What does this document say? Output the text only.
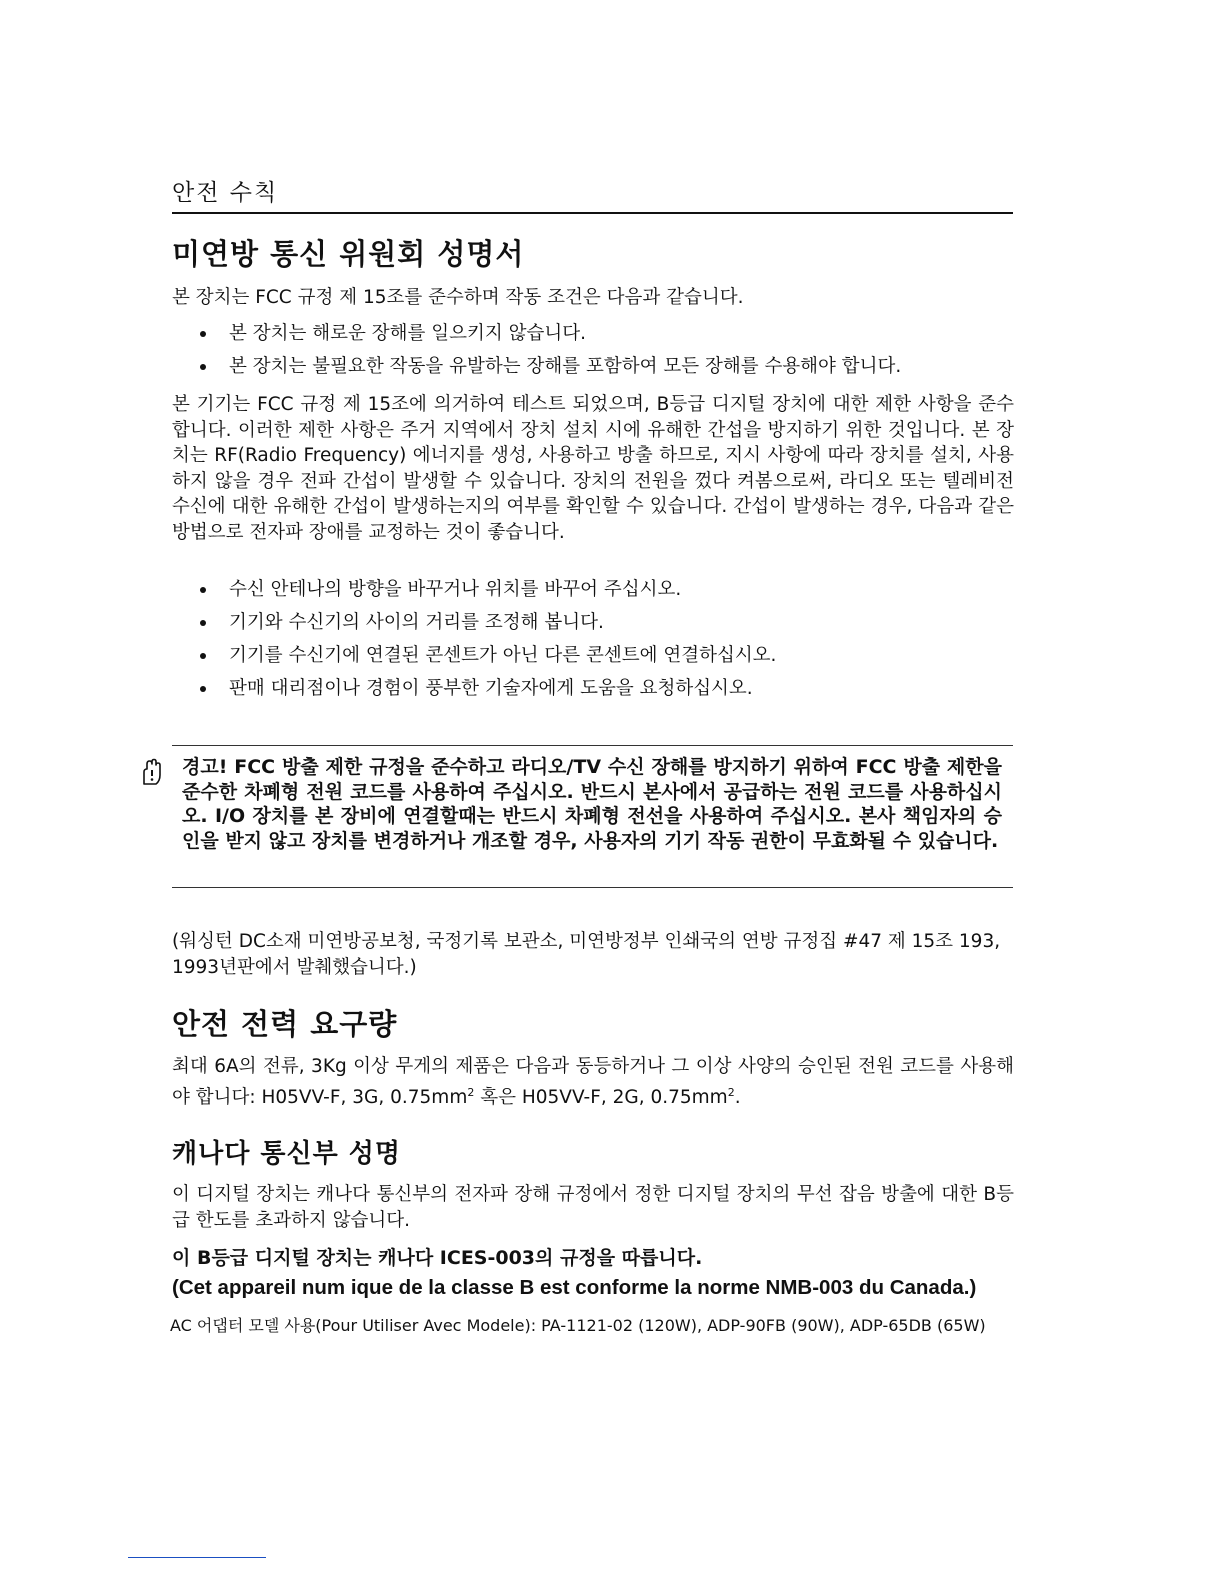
안전 수칙
미연방 통신 위원회 성명서

본 장치는 FCC 규정 제 15조를 준수하며 작동 조건은 다음과 같습니다.

본 장치는 해로운 장해를 일으키지 않습니다.
본 장치는 불필요한 작동을 유발하는 장해를 포함하여 모든 장해를 수용해야 합니다.

본 기기는 FCC 규정 제 15조에 의거하여 테스트 되었으며, B등급 디지털 장치에 대한 제한 사항을 준수합니다. 이러한 제한 사항은 주거 지역에서 장치 설치 시에 유해한 간섭을 방지하기 위한 것입니다. 본 장치는 RF(Radio Frequency) 에너지를 생성, 사용하고 방출 하므로, 지시 사항에 따라 장치를 설치, 사용하지 않을 경우 전파 간섭이 발생할 수 있습니다. 장치의 전원을 껐다 켜봄으로써, 라디오 또는 텔레비전 수신에 대한 유해한 간섭이 발생하는지의 여부를 확인할 수 있습니다. 간섭이 발생하는 경우, 다음과 같은 방법으로 전자파 장애를 교정하는 것이 좋습니다.

수신 안테나의 방향을 바꾸거나 위치를 바꾸어 주십시오.
기기와 수신기의 사이의 거리를 조정해 봅니다.
기기를 수신기에 연결된 콘센트가 아닌 다른 콘센트에 연결하십시오.
판매 대리점이나 경험이 풍부한 기술자에게 도움을 요청하십시오.

경고! FCC 방출 제한 규정을 준수하고 라디오/TV 수신 장해를 방지하기 위하여 FCC 방출 제한을 준수한 차폐형 전원 코드를 사용하여 주십시오. 반드시 본사에서 공급하는 전원 코드를 사용하십시오. I/O 장치를 본 장비에 연결할때는 반드시 차폐형 전선을 사용하여 주십시오. 본사 책임자의 승인을 받지 않고 장치를 변경하거나 개조할 경우, 사용자의 기기 작동 권한이 무효화될 수 있습니다.

(워싱턴 DC소재 미연방공보청, 국정기록 보관소, 미연방정부 인쇄국의 연방 규정집 #47 제 15조 193, 1993년판에서 발췌했습니다.)

안전 전력 요구량

최대 6A의 전류, 3Kg 이상 무게의 제품은 다음과 동등하거나 그 이상 사양의 승인된 전원 코드를 사용해야 합니다: H05VV-F, 3G, $0.75mm^2$ 혹은 H05VV-F, 2G, $0.75mm^2$.

캐나다 통신부 성명

이 디지털 장치는 캐나다 통신부의 전자파 장해 규정에서 정한 디지털 장치의 무선 잡음 방출에 대한 B등급 한도를 초과하지 않습니다.

이 B등급 디지털 장치는 캐나다 ICES-003의 규정을 따릅니다.

(Cet appareil num ique de la classe B est conforme la norme NMB-003 du Canada.)

AC 어댑터 모델 사용(Pour Utiliser Avec Modele): PA-1121-02 (120W), ADP-90FB (90W), ADP-65DB (65W)
